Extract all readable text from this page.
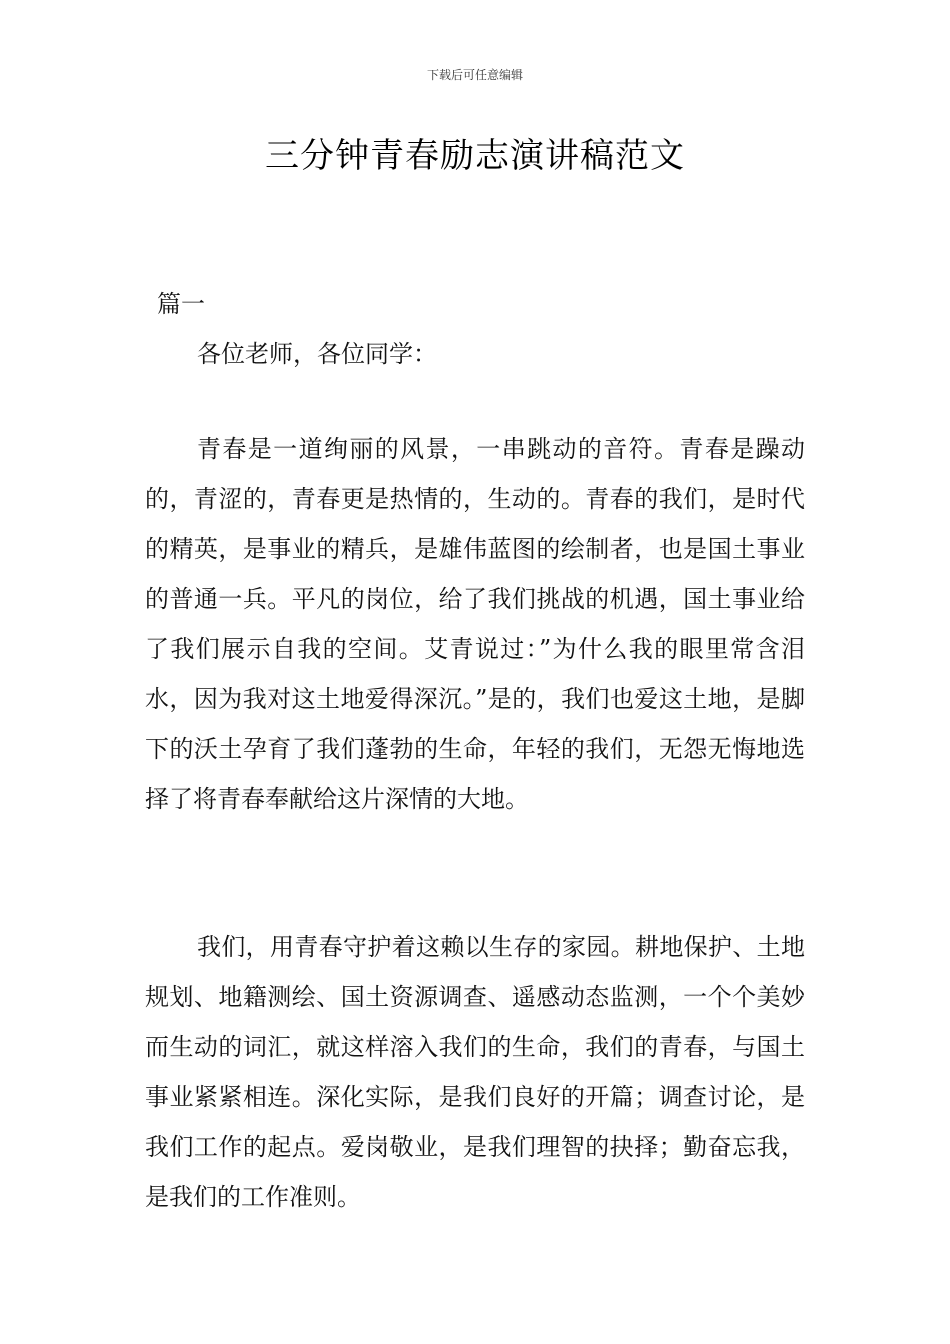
下载后可任意编辑
三分钟青春励志演讲稿范文
篇一
各位老师，各位同学：

青春是一道绚丽的风景，一串跳动的音符。青春是躁动的，青涩的，青春更是热情的，生动的。青春的我们，是时代的精英，是事业的精兵，是雄伟蓝图的绘制者，也是国土事业的普通一兵。平凡的岗位，给了我们挑战的机遇，国土事业给了我们展示自我的空间。艾青说过：”为什么我的眼里常含泪水，因为我对这土地爱得深沉。”是的，我们也爱这土地，是脚下的沃土孕育了我们蓬勃的生命，年轻的我们，无怨无悔地选择了将青春奉献给这片深情的大地。

我们，用青春守护着这赖以生存的家园。耕地保护、土地规划、地籍测绘、国土资源调查、遥感动态监测，一个个美妙而生动的词汇，就这样溶入我们的生命，我们的青春，与国土事业紧紧相连。深化实际，是我们良好的开篇；调查讨论，是我们工作的起点。爱岗敬业，是我们理智的抉择；勤奋忘我，是我们的工作准则。
